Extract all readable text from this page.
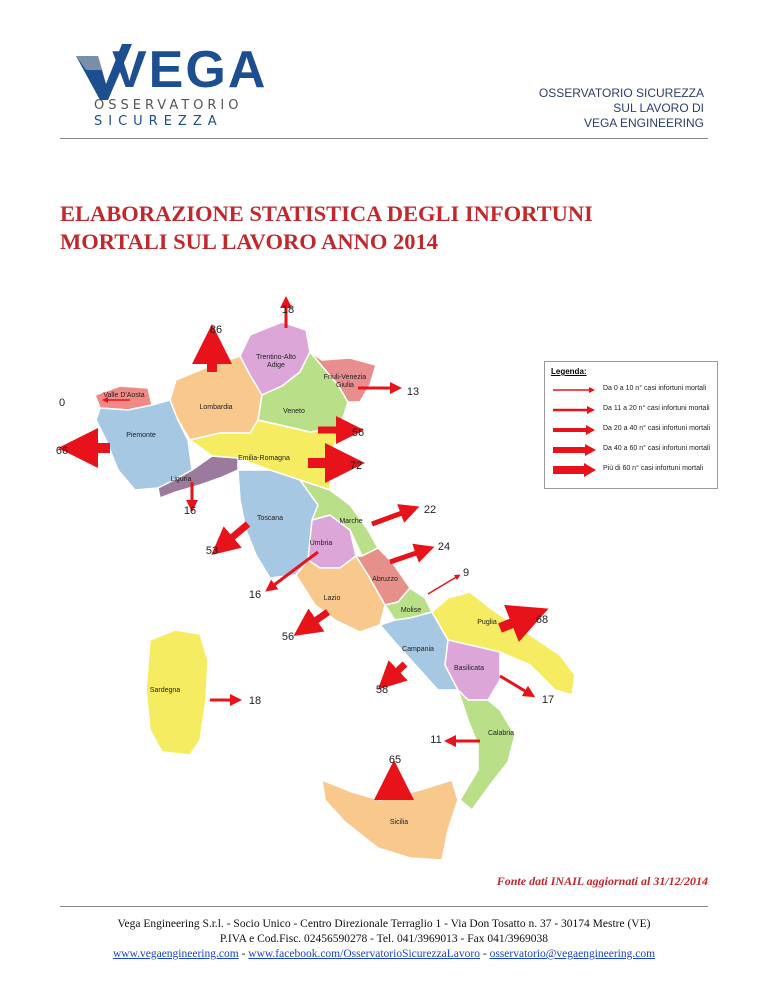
VEGA
OSSERVATORIO
SICUREZZA
OSSERVATORIO SICUREZZA
SUL LAVORO DI
VEGA ENGINEERING
ELABORAZIONE STATISTICA DEGLI INFORTUNI
MORTALI SUL LAVORO ANNO 2014
Valle D'Aosta
Piemonte
Lombardia
Trentino-Alto Adige
Veneto
Friuli-Venezia Giulia
Liguria
Emilia-Romagna
Toscana
Umbria
Marche
Lazio
Abruzzo
Molise
Campania
Puglia
Basilicata
Calabria
Sicilia
Sardegna
0
66
86
18
56
13
16
72
53
16
22
56
24
9
58
68
17
11
65
18
Legenda:
Da 0 a 10 n° casi infortuni mortali
Da 11 a 20 n° casi infortuni mortali
Da 20 a 40 n° casi infortuni mortali
Da 40 a 60 n° casi infortuni mortali
Più di 60 n° casi infortuni mortali
Fonte dati INAIL aggiornati al 31/12/2014
Vega Engineering S.r.l. - Socio Unico - Centro Direzionale Terraglio 1 - Via Don Tosatto n. 37 - 30174 Mestre (VE)
P.IVA e Cod.Fisc. 02456590278 - Tel. 041/3969013 - Fax 041/3969038
www.vegaengineering.com - www.facebook.com/OsservatorioSicurezzaLavoro - osservatorio@vegaengineering.com
